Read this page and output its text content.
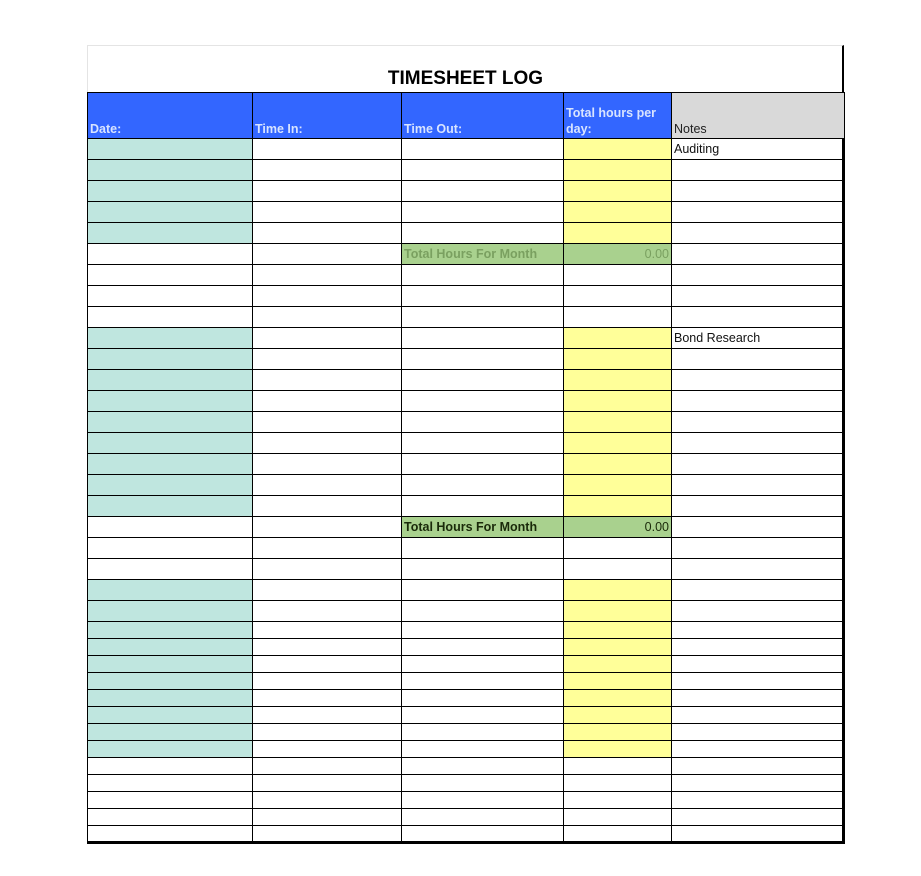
TIMESHEET LOG
Date:	Time In:	Time Out:	Total hours per day:	Notes
				Auditing

		Total Hours For Month	0.00	

				Bond Research

		Total Hours For Month	0.00	
